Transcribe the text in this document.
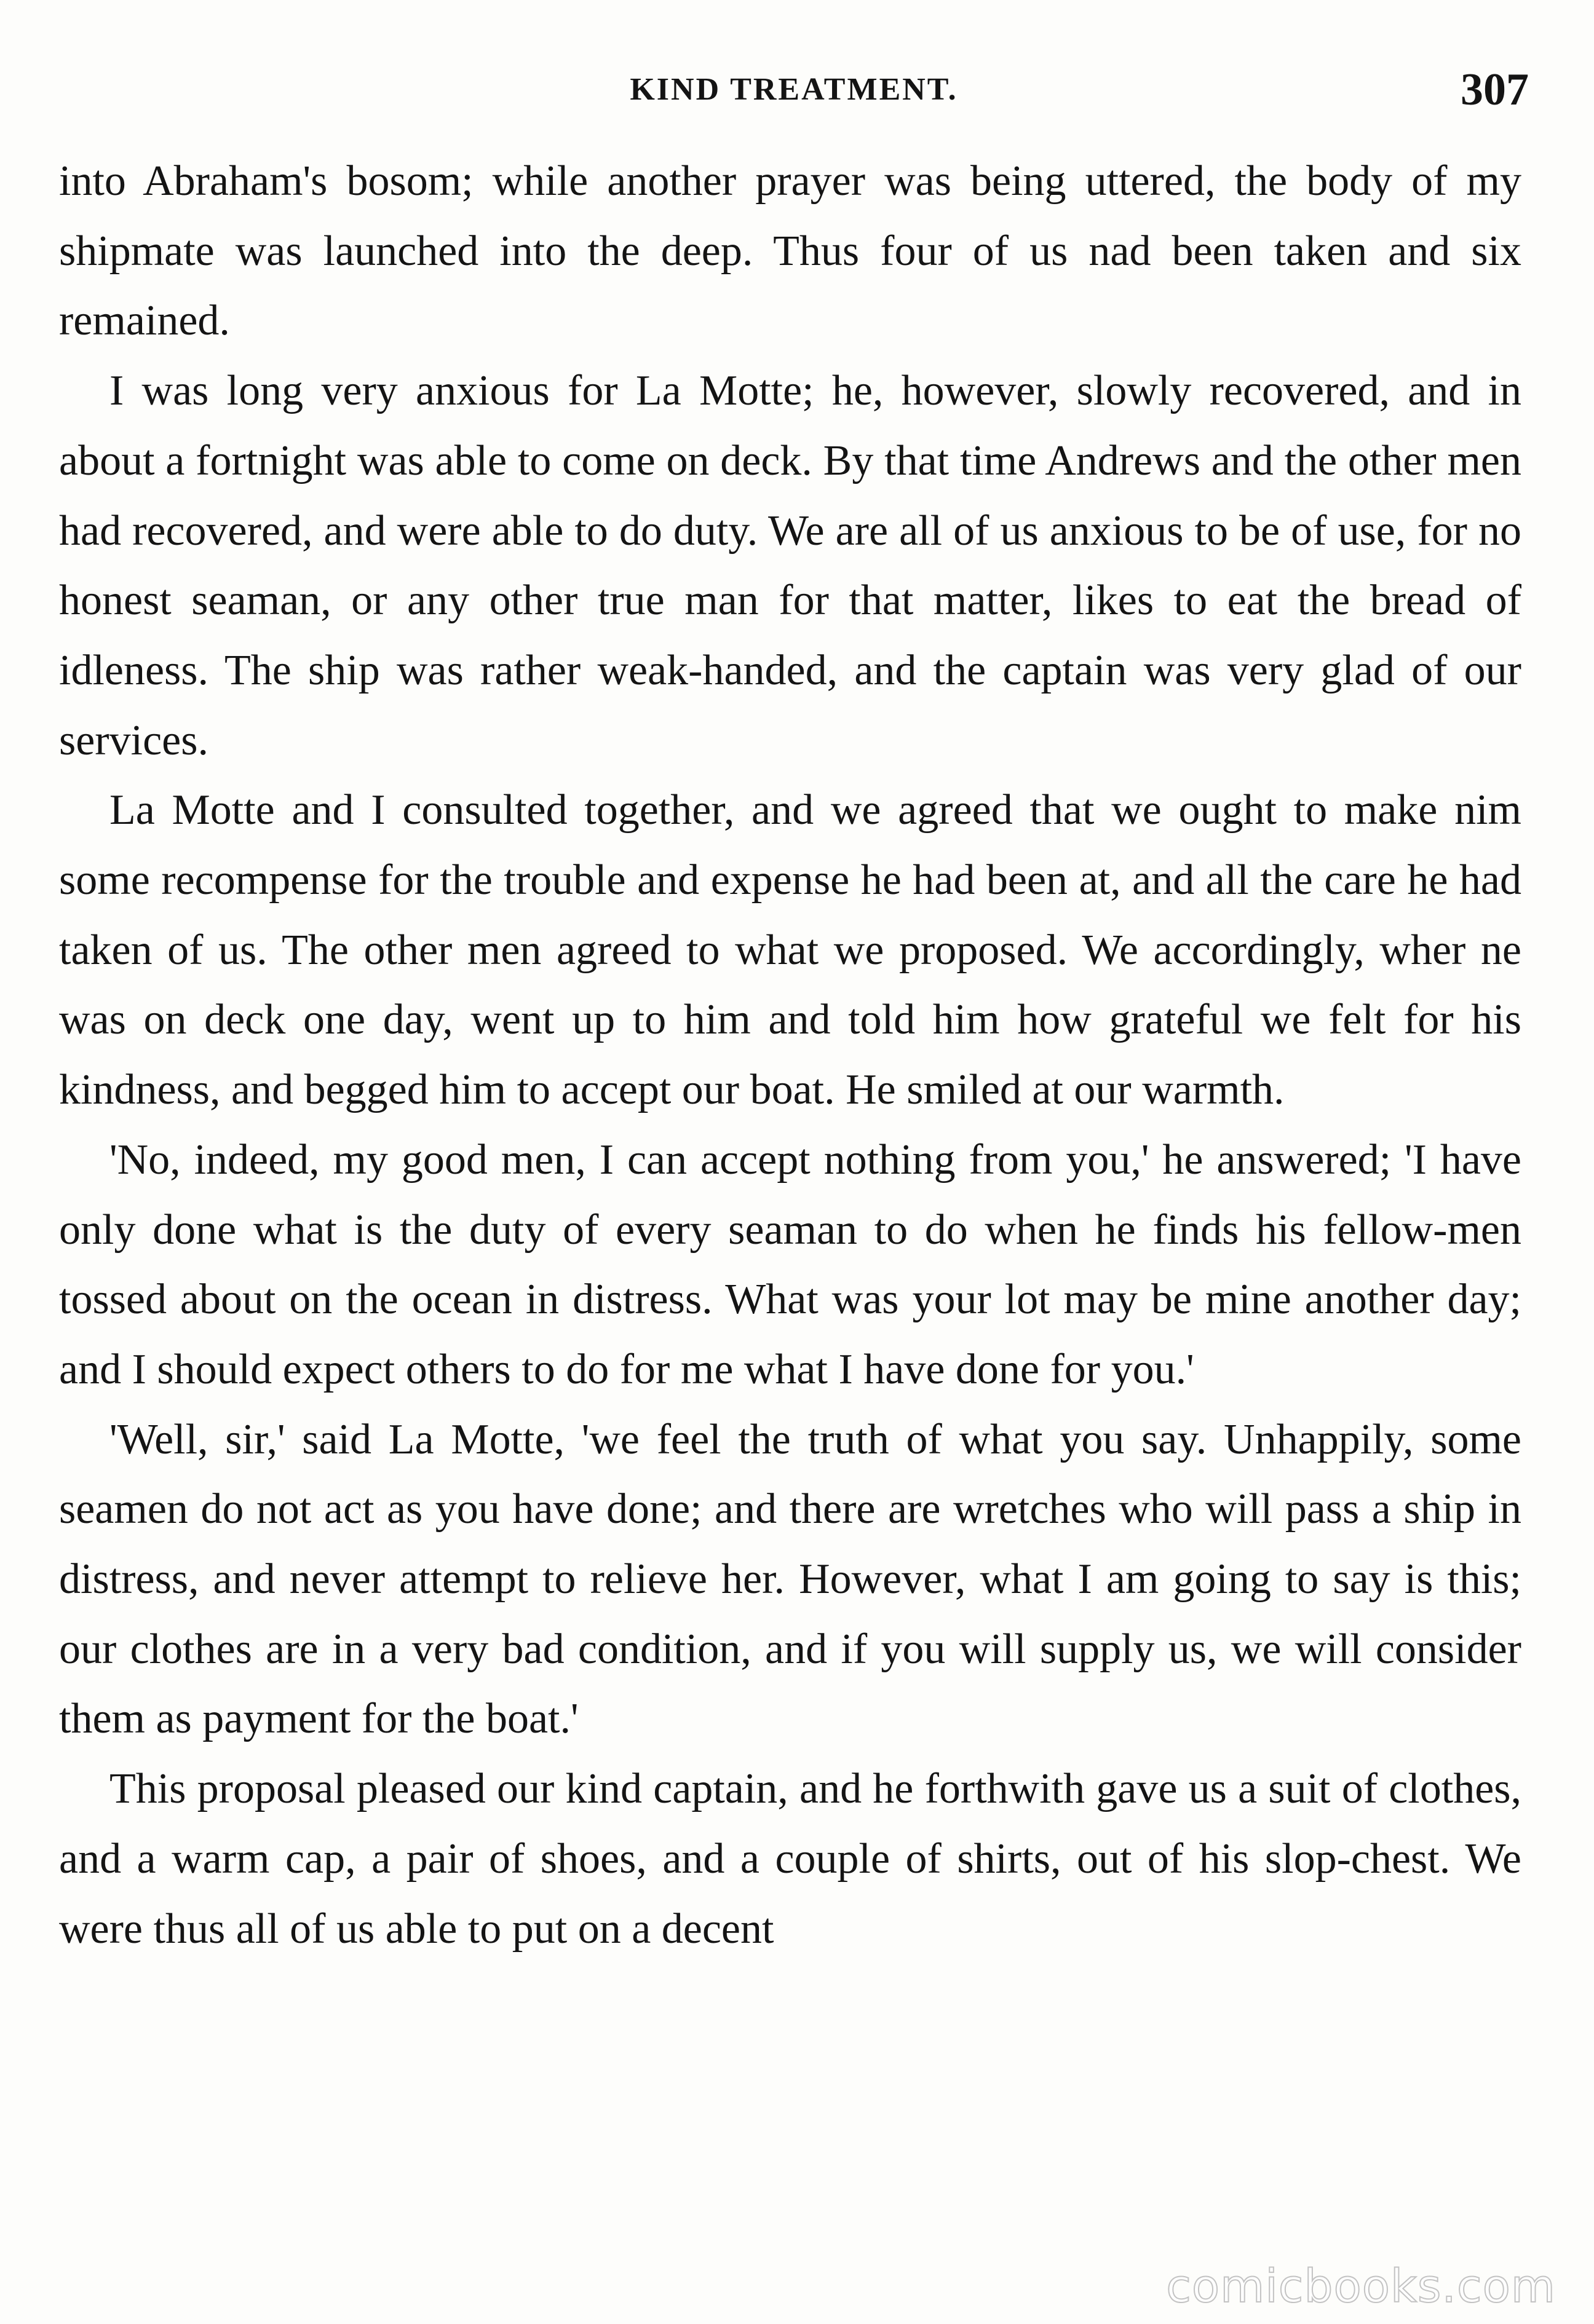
KIND TREATMENT.	307

into Abraham's bosom; while another prayer was being uttered, the body of my shipmate was launched into the deep. Thus four of us nad been taken and six remained.

I was long very anxious for La Motte; he, however, slowly recovered, and in about a fortnight was able to come on deck. By that time Andrews and the other men had recovered, and were able to do duty. We are all of us anxious to be of use, for no honest seaman, or any other true man for that matter, likes to eat the bread of idleness. The ship was rather weak-handed, and the captain was very glad of our services.

La Motte and I consulted together, and we agreed that we ought to make nim some recompense for the trouble and expense he had been at, and all the care he had taken of us. The other men agreed to what we proposed. We accordingly, wher ne was on deck one day, went up to him and told him how grateful we felt for his kindness, and begged him to accept our boat. He smiled at our warmth.

'No, indeed, my good men, I can accept nothing from you,' he answered; 'I have only done what is the duty of every seaman to do when he finds his fellow-men tossed about on the ocean in distress. What was your lot may be mine another day; and I should expect others to do for me what I have done for you.'

'Well, sir,' said La Motte, 'we feel the truth of what you say. Unhappily, some seamen do not act as you have done; and there are wretches who will pass a ship in distress, and never attempt to relieve her. However, what I am going to say is this; our clothes are in a very bad condition, and if you will supply us, we will consider them as payment for the boat.'

This proposal pleased our kind captain, and he forthwith gave us a suit of clothes, and a warm cap, a pair of shoes, and a couple of shirts, out of his slop-chest. We were thus all of us able to put on a decent

comicbooks.com
